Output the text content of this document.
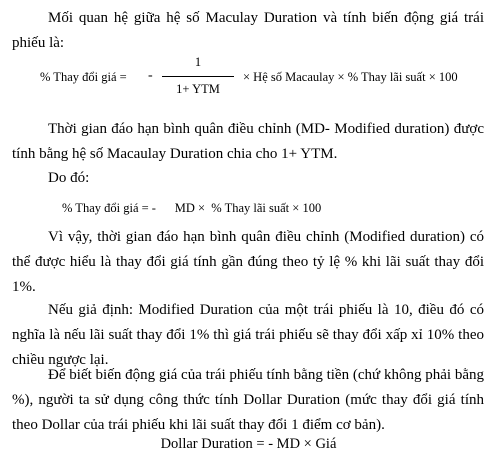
Mối quan hệ giữa hệ số Maculay Duration và tính biến động giá trái phiếu là:

% Thay đổi giá = -
1
1+ YTM
× Hệ số Macaulay × % Thay lãi suất × 100

Thời gian đáo hạn bình quân điều chỉnh (MD- Modified duration) được tính bằng hệ số Macaulay Duration chia cho 1+ YTM.

Do đó:

% Thay đổi giá = -      MD ×  % Thay lãi suất × 100

Vì vậy, thời gian đáo hạn bình quân điều chỉnh (Modified duration) có thể được hiểu là thay đổi giá tính gần đúng theo tỷ lệ % khi lãi suất thay đổi 1%.

Nếu giả định: Modified Duration của một trái phiếu là 10, điều đó có nghĩa là nếu lãi suất thay đổi 1% thì giá trái phiếu sẽ thay đổi xấp xỉ 10% theo chiều ngược lại.

Để biết biến động giá của trái phiếu tính bằng tiền (chứ không phải bằng %), người ta sử dụng công thức tính Dollar Duration (mức thay đổi giá tính theo Dollar của trái phiếu khi lãi suất thay đổi 1 điểm cơ bản).

Dollar Duration = - MD × Giá
